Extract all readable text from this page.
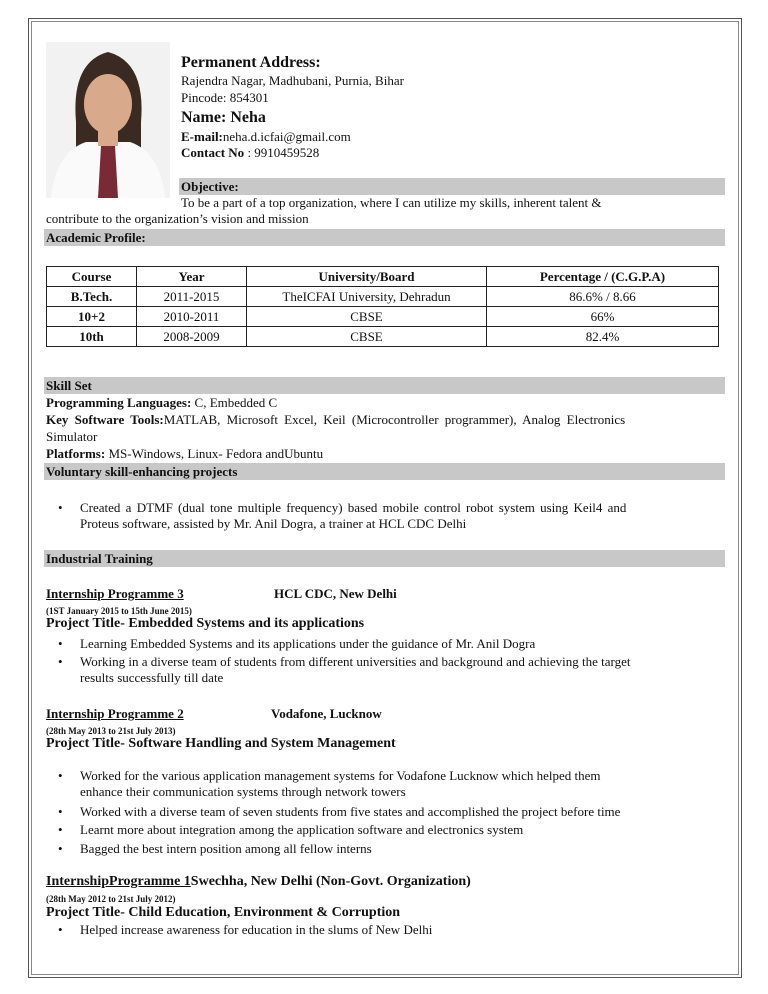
Permanent Address:
Rajendra Nagar, Madhubani, Purnia, Bihar
Pincode: 854301
Name: Neha
E-mail:neha.d.icfai@gmail.com
Contact No : 9910459528
Objective:
To be a part of a top organization, where I can utilize my skills, inherent talent &
contribute to the organization’s vision and mission
Academic Profile:
Course	Year	University/Board	Percentage / (C.G.P.A)
B.Tech.	2011-2015	TheICFAI University, Dehradun	86.6% / 8.66
10+2	2010-2011	CBSE	66%
10th	2008-2009	CBSE	82.4%
Skill Set
Programming Languages: C, Embedded C
Key Software Tools:MATLAB, Microsoft Excel, Keil (Microcontroller programmer), Analog Electronics
Simulator
Platforms: MS-Windows, Linux- Fedora andUbuntu
Voluntary skill-enhancing projects
• Created a DTMF (dual tone multiple frequency) based mobile control robot system using Keil4 and
Proteus software, assisted by Mr. Anil Dogra, a trainer at HCL CDC Delhi
Industrial Training
Internship Programme 3	HCL CDC, New Delhi
(1ST January 2015 to 15th June 2015)
Project Title- Embedded Systems and its applications
• Learning Embedded Systems and its applications under the guidance of Mr. Anil Dogra
• Working in a diverse team of students from different universities and background and achieving the target
results successfully till date
Internship Programme 2	Vodafone, Lucknow
(28th May 2013 to 21st July 2013)
Project Title- Software Handling and System Management
• Worked for the various application management systems for Vodafone Lucknow which helped them
enhance their communication systems through network towers
• Worked with a diverse team of seven students from five states and accomplished the project before time
• Learnt more about integration among the application software and electronics system
• Bagged the best intern position among all fellow interns
InternshipProgramme 1Swechha, New Delhi (Non-Govt. Organization)
(28th May 2012 to 21st July 2012)
Project Title- Child Education, Environment & Corruption
• Helped increase awareness for education in the slums of New Delhi
